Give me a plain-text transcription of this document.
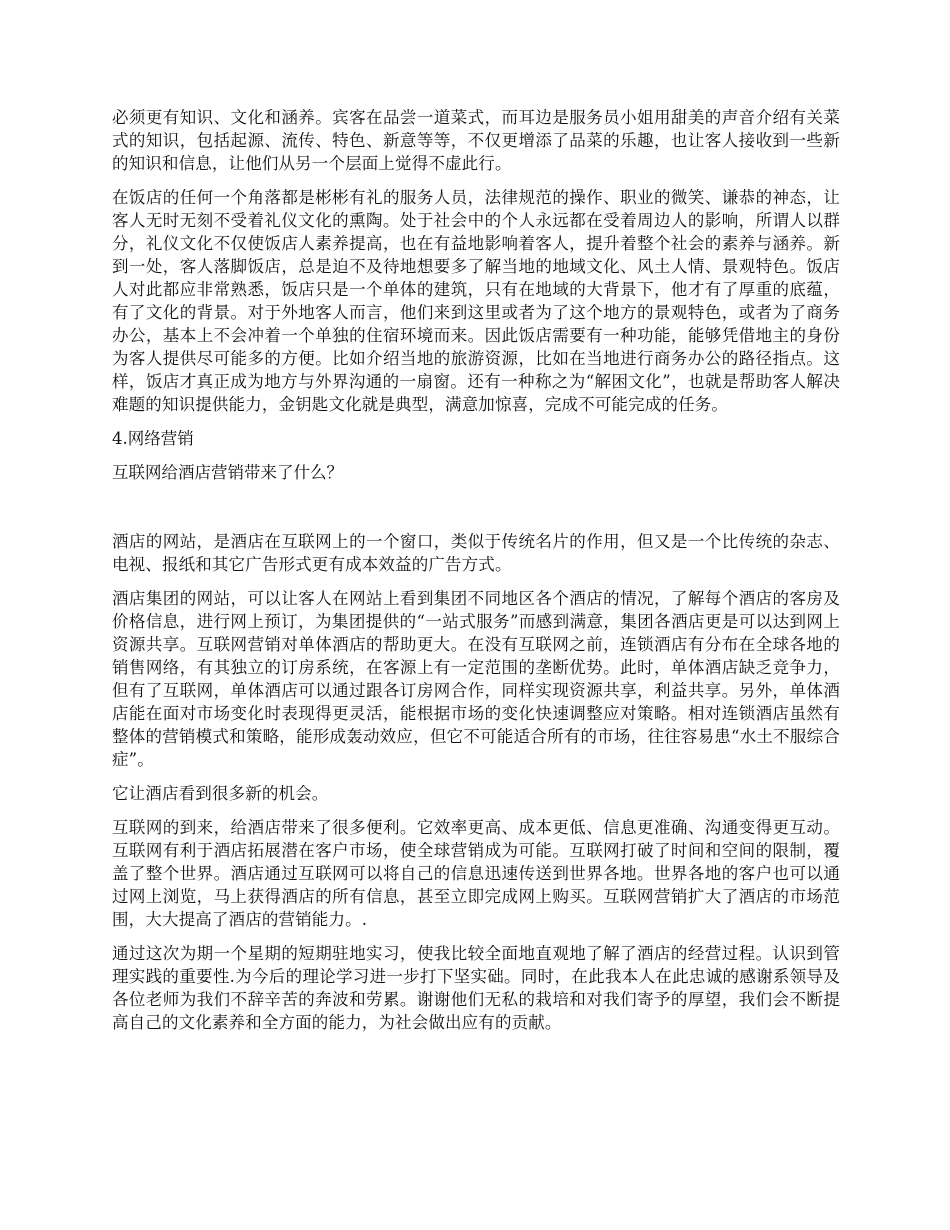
必须更有知识、文化和涵养。宾客在品尝一道菜式，而耳边是服务员小姐用甜美的声音介绍有关菜式的知识，包括起源、流传、特色、新意等等，不仅更增添了品菜的乐趣，也让客人接收到一些新的知识和信息，让他们从另一个层面上觉得不虚此行。

在饭店的任何一个角落都是彬彬有礼的服务人员，法律规范的操作、职业的微笑、谦恭的神态，让客人无时无刻不受着礼仪文化的熏陶。处于社会中的个人永远都在受着周边人的影响，所谓人以群分，礼仪文化不仅使饭店人素养提高，也在有益地影响着客人，提升着整个社会的素养与涵养。新到一处，客人落脚饭店，总是迫不及待地想要多了解当地的地域文化、风土人情、景观特色。饭店人对此都应非常熟悉，饭店只是一个单体的建筑，只有在地域的大背景下，他才有了厚重的底蕴，有了文化的背景。对于外地客人而言，他们来到这里或者为了这个地方的景观特色，或者为了商务办公，基本上不会冲着一个单独的住宿环境而来。因此饭店需要有一种功能，能够凭借地主的身份为客人提供尽可能多的方便。比如介绍当地的旅游资源，比如在当地进行商务办公的路径指点。这样，饭店才真正成为地方与外界沟通的一扇窗。还有一种称之为“解困文化”，也就是帮助客人解决难题的知识提供能力，金钥匙文化就是典型，满意加惊喜，完成不可能完成的任务。

4.网络营销

互联网给酒店营销带来了什么？

酒店的网站，是酒店在互联网上的一个窗口，类似于传统名片的作用，但又是一个比传统的杂志、电视、报纸和其它广告形式更有成本效益的广告方式。

酒店集团的网站，可以让客人在网站上看到集团不同地区各个酒店的情况，了解每个酒店的客房及价格信息，进行网上预订，为集团提供的“一站式服务”而感到满意，集团各酒店更是可以达到网上资源共享。互联网营销对单体酒店的帮助更大。在没有互联网之前，连锁酒店有分布在全球各地的销售网络，有其独立的订房系统，在客源上有一定范围的垄断优势。此时，单体酒店缺乏竞争力，但有了互联网，单体酒店可以通过跟各订房网合作，同样实现资源共享，利益共享。另外，单体酒店能在面对市场变化时表现得更灵活，能根据市场的变化快速调整应对策略。相对连锁酒店虽然有整体的营销模式和策略，能形成轰动效应，但它不可能适合所有的市场，往往容易患“水土不服综合症”。

它让酒店看到很多新的机会。

互联网的到来，给酒店带来了很多便利。它效率更高、成本更低、信息更准确、沟通变得更互动。互联网有利于酒店拓展潜在客户市场，使全球营销成为可能。互联网打破了时间和空间的限制，覆盖了整个世界。酒店通过互联网可以将自己的信息迅速传送到世界各地。世界各地的客户也可以通过网上浏览，马上获得酒店的所有信息，甚至立即完成网上购买。互联网营销扩大了酒店的市场范围，大大提高了酒店的营销能力。.

通过这次为期一个星期的短期驻地实习，使我比较全面地直观地了解了酒店的经营过程。认识到管理实践的重要性.为今后的理论学习进一步打下坚实础。同时，在此我本人在此忠诚的感谢系领导及各位老师为我们不辞辛苦的奔波和劳累。谢谢他们无私的栽培和对我们寄予的厚望，我们会不断提高自己的文化素养和全方面的能力，为社会做出应有的贡献。
